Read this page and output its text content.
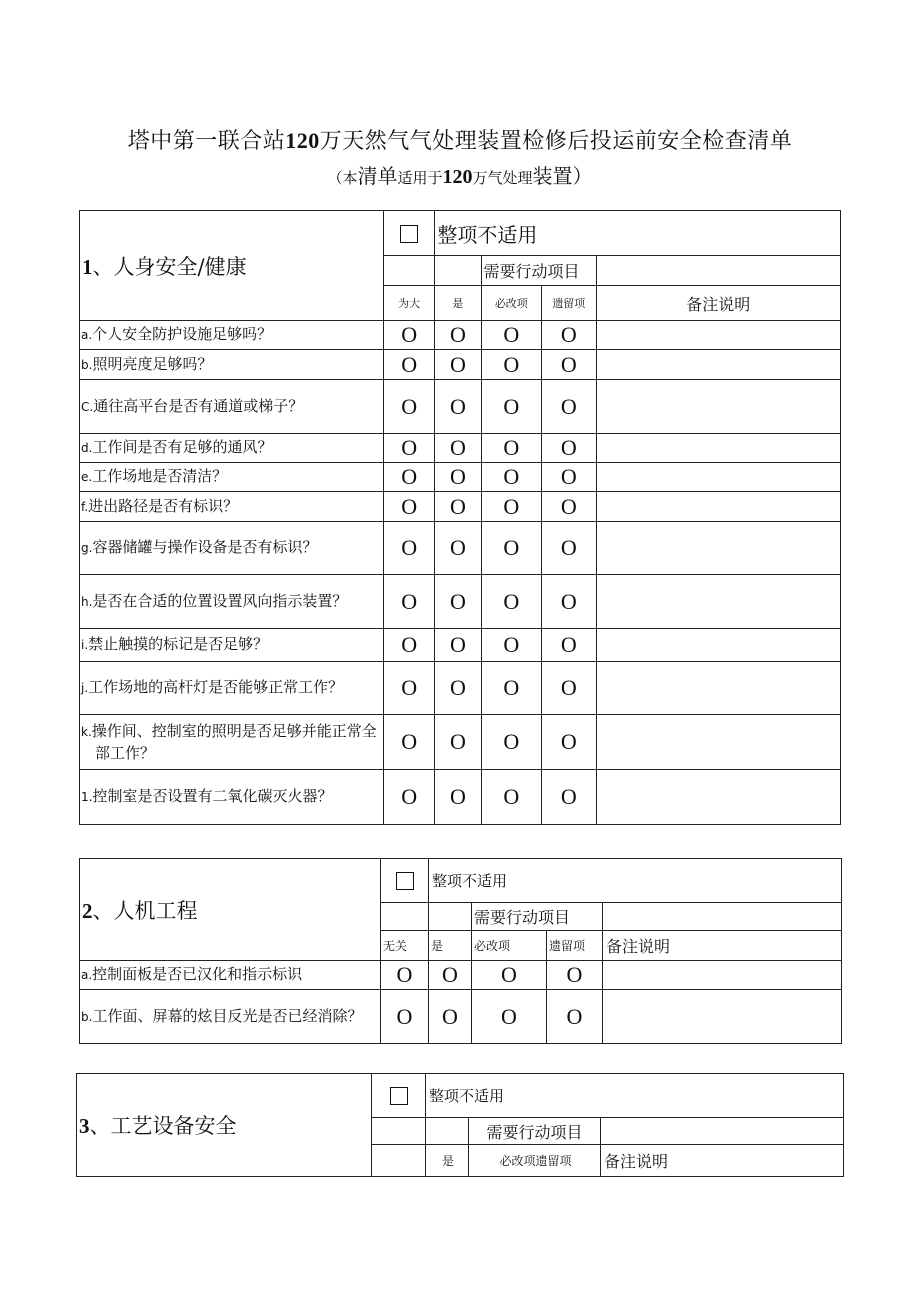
塔中第一联合站120万天然气气处理装置检修后投运前安全检查清单
（本清单适用于120万气处理装置）
1、人身安全/健康		整项不适用			
			需要行动项目		
	为大	是	必改项	遗留项	备注说明

a.个人安全防护设施足够吗？	O	O	O	O	

b.照明亮度足够吗？	O	O	O	O	

C.通往高平台是否有通道或梯子？	O	O	O	O	

d.工作间是否有足够的通风？	O	O	O	O	

e.工作场地是否清洁？	O	O	O	O	

f.进出路径是否有标识？	O	O	O	O	

g.容器储罐与操作设备是否有标识？	O	O	O	O	

h.是否在合适的位置设置风向指示装置？	O	O	O	O	

i.禁止触摸的标记是否足够？	O	O	O	O	

j.工作场地的高杆灯是否能够正常工作？	O	O	O	O	

k.操作间、控制室的照明是否足够并能正常全部工作？	O	O	O	O	

1.控制室是否设置有二氧化碳灭火器？	O	O	O	O	
2、人机工程		整项不适用			
			需要行动项目		
	无关	是	必改项	遗留项	备注说明

a.控制面板是否已汉化和指示标识	O	O	O	O	

b.工作面、屏幕的炫目反光是否已经消除？	O	O	O	O	
3、工艺设备安全		整项不适用		
			需要行动项目	
		是	必改项遗留项	备注说明
